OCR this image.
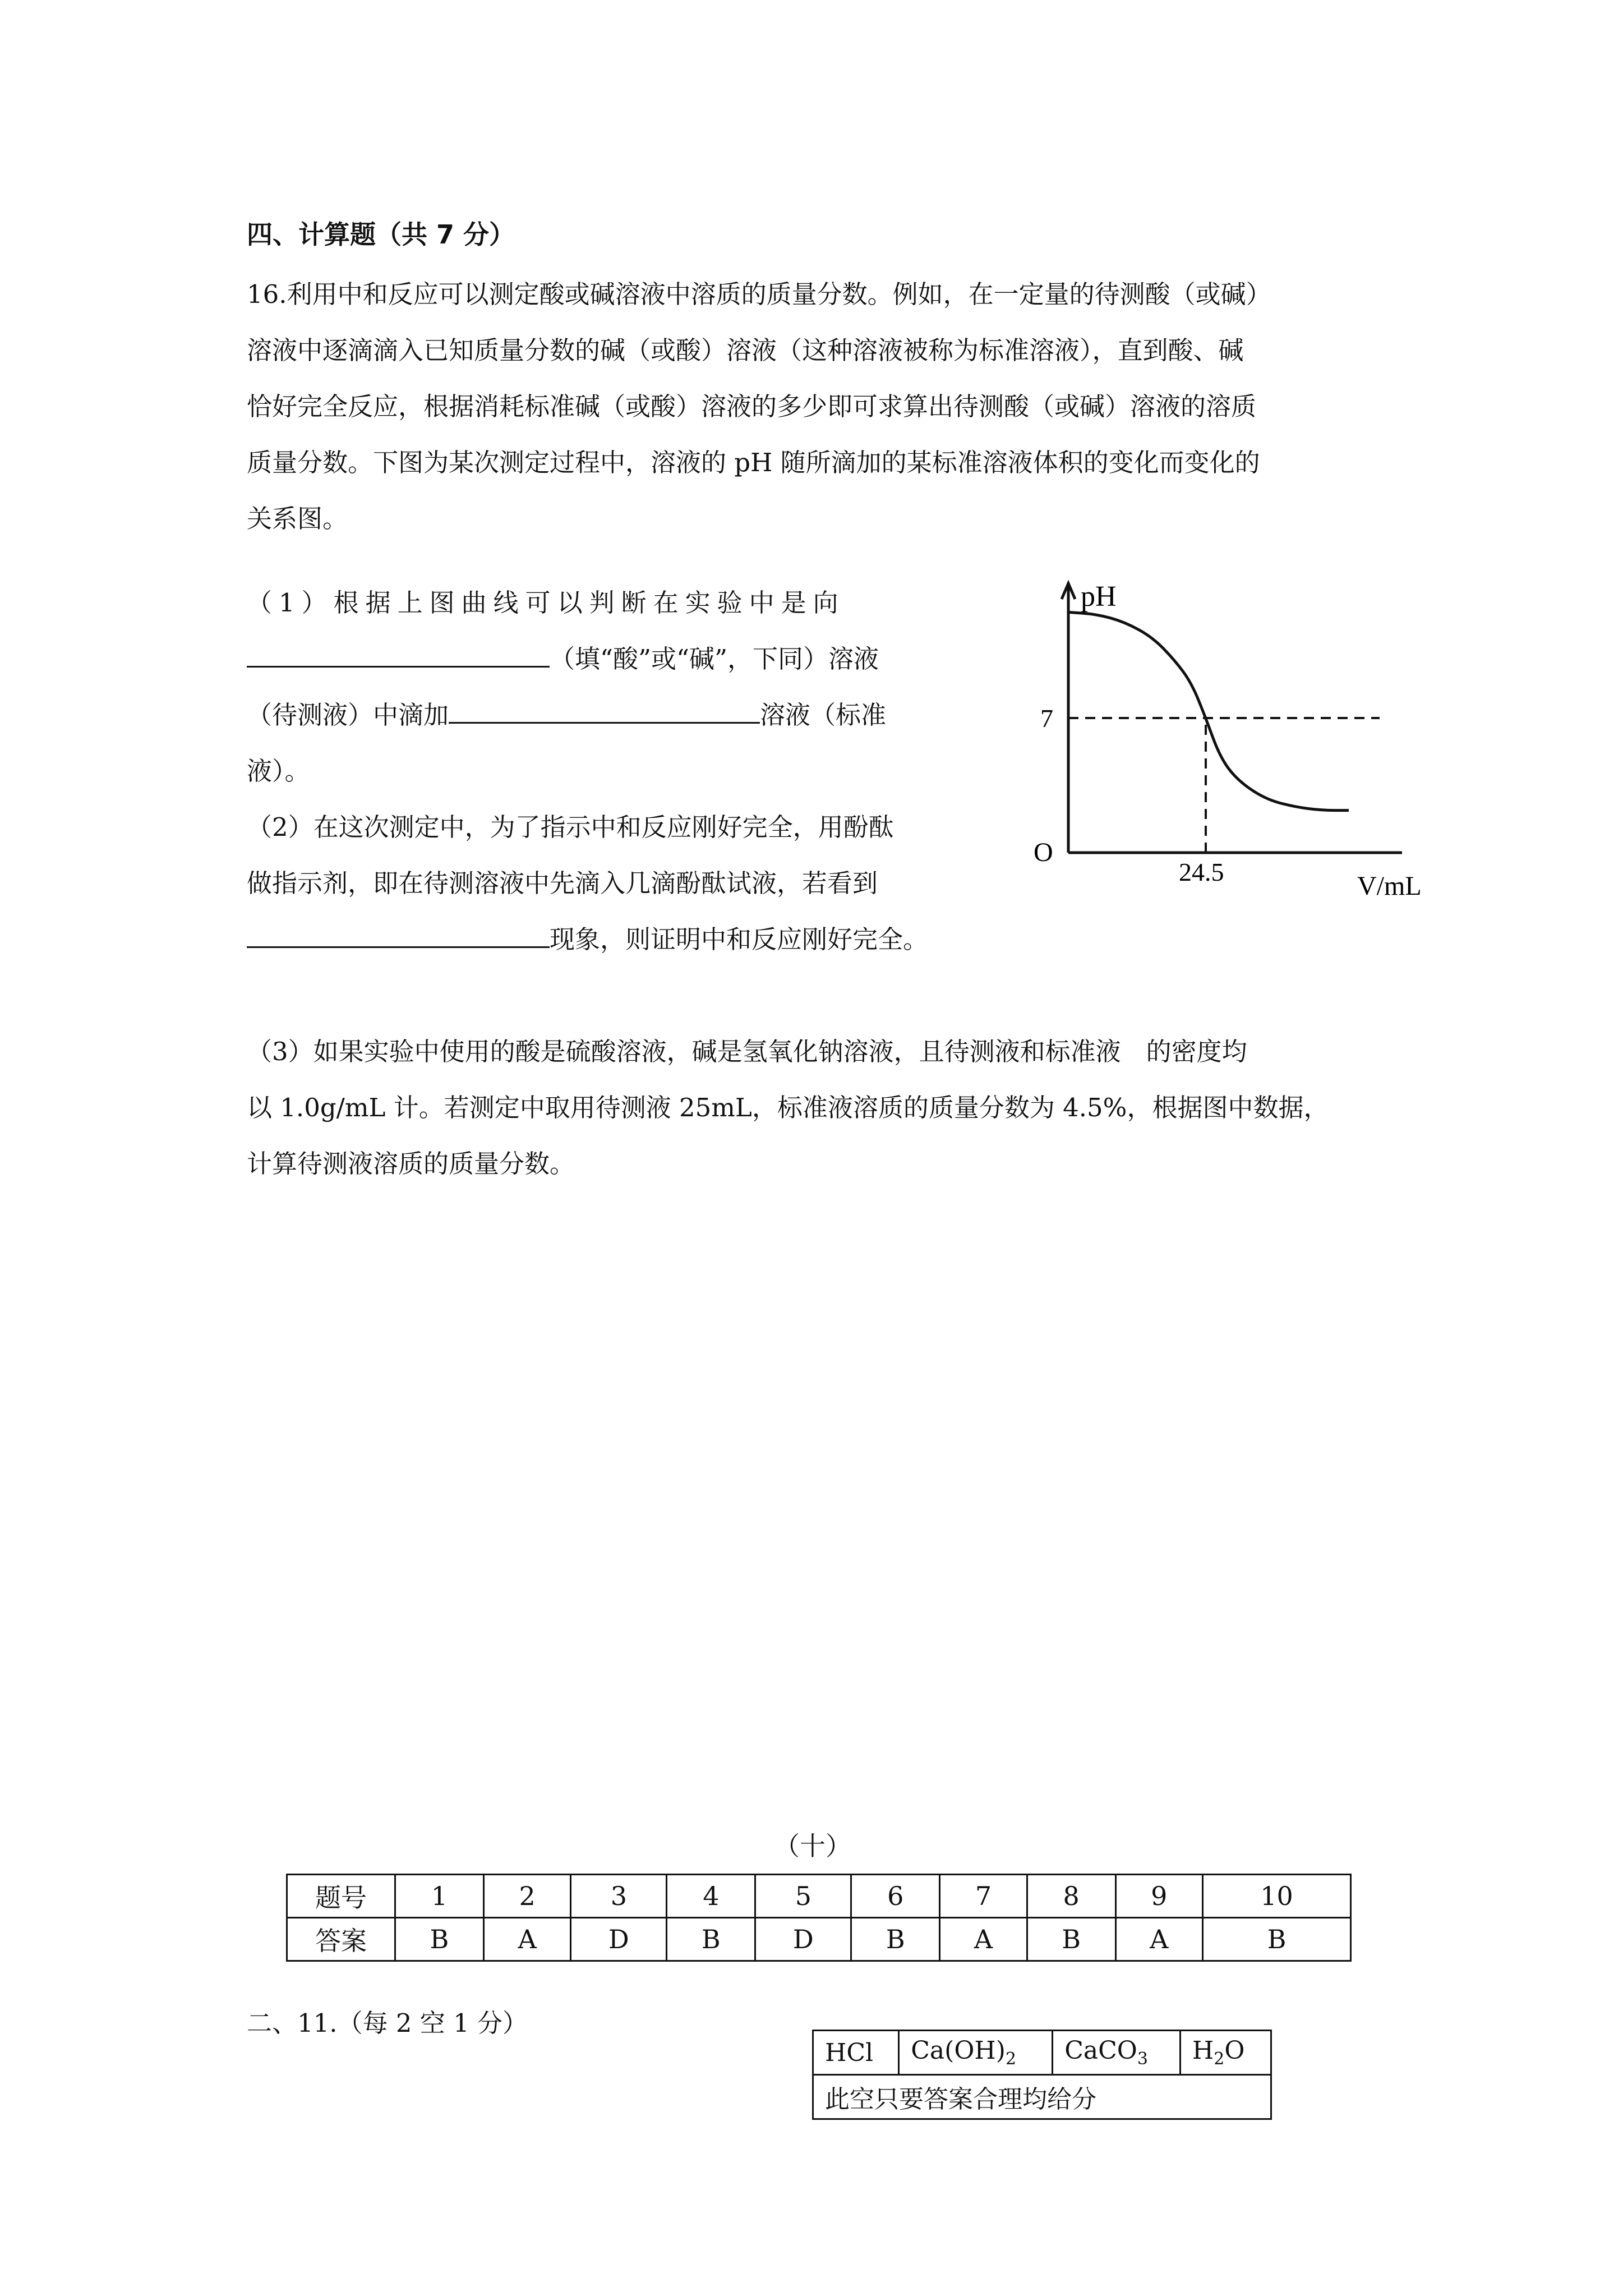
四、计算题（共 7 分）
16.利用中和反应可以测定酸或碱溶液中溶质的质量分数。例如，在一定量的待测酸（或碱）
溶液中逐滴滴入已知质量分数的碱（或酸）溶液（这种溶液被称为标准溶液），直到酸、碱
恰好完全反应，根据消耗标准碱（或酸）溶液的多少即可求算出待测酸（或碱）溶液的溶质
质量分数。下图为某次测定过程中，溶液的 pH 随所滴加的某标准溶液体积的变化而变化的
关系图。
（1）根据上图曲线可以判断在实验中是向
（填“酸”或“碱”，下同）溶液
（待测液）中滴加	溶液（标准
液）。
（2）在这次测定中，为了指示中和反应刚好完全，用酚酞
做指示剂，即在待测溶液中先滴入几滴酚酞试液，若看到
现象，则证明中和反应刚好完全。
（3）如果实验中使用的酸是硫酸溶液，碱是氢氧化钠溶液，且待测液和标准液　的密度均
以 1.0g/mL 计。若测定中取用待测液 25mL，标准液溶质的质量分数为 4.5%，根据图中数据，
计算待测液溶质的质量分数。
pH
V/mL
O
7
24.5
（十）
题号	1	2	3	4	5	6	7	8	9	10
答案	B	A	D	B	D	B	A	B	A	B
二、11.（每 2 空 1 分）
HCl	$Ca(OH)_2$	CaCO$_3$	$H_2O$
此空只要答案合理均给分
